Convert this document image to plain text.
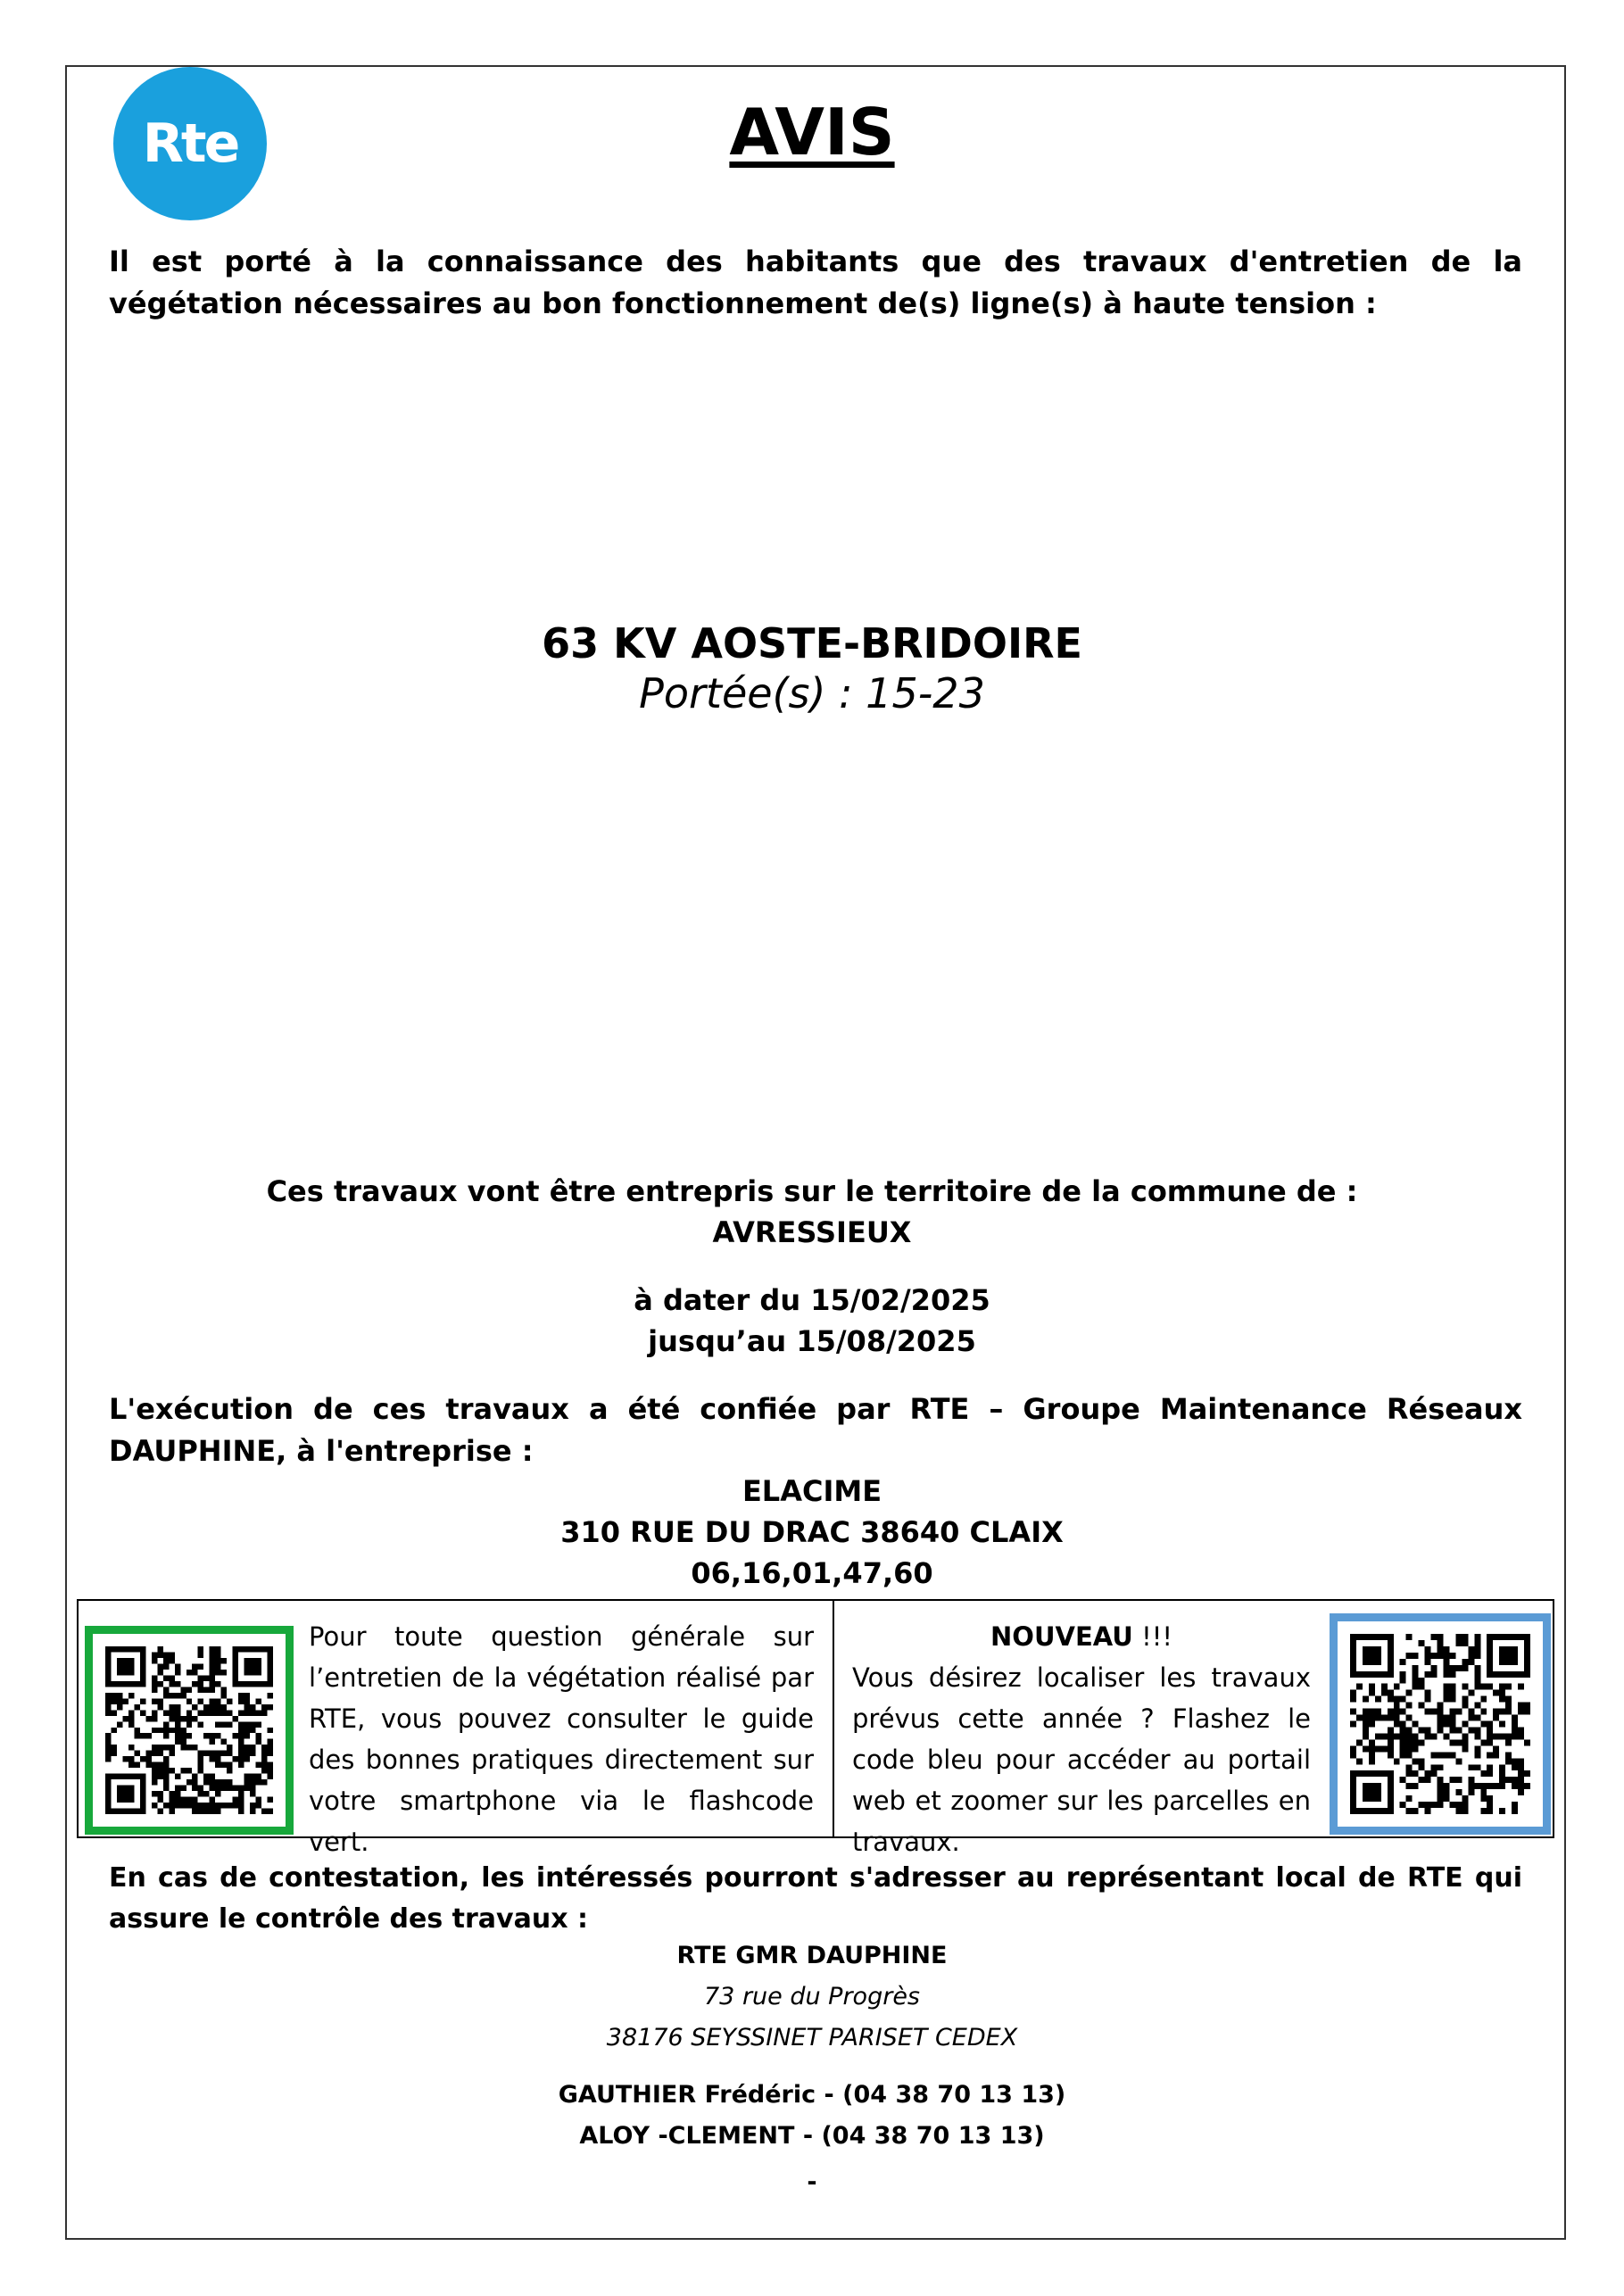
Rte	AVIS
Il est porté à la connaissance des habitants que des travaux d'entretien de la végétation nécessaires au bon fonctionnement de(s) ligne(s) à haute tension :
63 KV AOSTE-BRIDOIRE
Portée(s) : 15-23
Ces travaux vont être entrepris sur le territoire de la commune de :
AVRESSIEUX
à dater du 15/02/2025
jusqu’au 15/08/2025
L'exécution de ces travaux a été confiée par RTE – Groupe Maintenance Réseaux DAUPHINE, à l'entreprise :
ELACIME
310 RUE DU DRAC 38640 CLAIX
06,16,01,47,60
Pour toute question générale sur l’entretien de la végétation réalisé par RTE, vous pouvez consulter le guide des bonnes pratiques directement sur votre smartphone via le flashcode vert.
NOUVEAU !!!
Vous désirez localiser les travaux prévus cette année ? Flashez le code bleu pour accéder au portail web et zoomer sur les parcelles en travaux.
En cas de contestation, les intéressés pourront s'adresser au représentant local de RTE qui assure le contrôle des travaux :
RTE GMR DAUPHINE
73 rue du Progrès
38176 SEYSSINET PARISET CEDEX
GAUTHIER Frédéric - (04 38 70 13 13)
ALOY -CLEMENT - (04 38 70 13 13)
-
